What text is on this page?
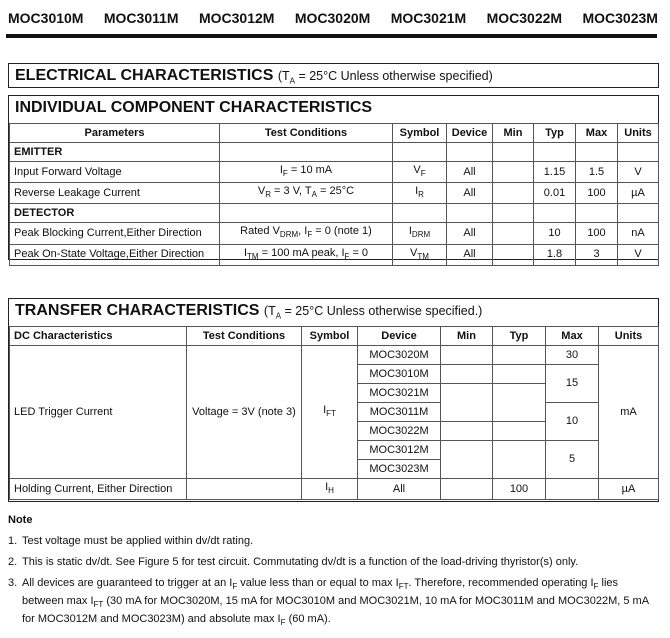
MOC3010M MOC3011M MOC3012M MOC3020M MOC3021M MOC3022M MOC3023M
ELECTRICAL CHARACTERISTICS ($T_A = 25^\circ C$ Unless otherwise specified)
INDIVIDUAL COMPONENT CHARACTERISTICS
Parameters	Test Conditions	Symbol	Device	Min	Typ	Max	Units
EMITTER							
Input Forward Voltage	$I_F = 10$ mA	$V_F$	All		1.15	1.5	V
Reverse Leakage Current	$V_R = 3$ V, $T_A = 25^\circ C$	$I_R$	All		0.01	100	µA
DETECTOR							
Peak Blocking Current,Either Direction	Rated $V_{DRM}$, $I_F = 0$ (note 1)	$I_{DRM}$	All		10	100	nA
Peak On-State Voltage,Either Direction	$I_{TM} = 100$ mA peak, $I_F = 0$	$V_{TM}$	All		1.8	3	V
TRANSFER CHARACTERISTICS ($T_A = 25^\circ C$ Unless otherwise specified.)
DC Characteristics	Test Conditions	Symbol	Device	Min	Typ	Max	Units
LED Trigger Current	Voltage = 3V (note 3)	$I_{FT}$	MOC3020M			30	mA
			MOC3010M			15	
			MOC3021M				
			MOC3011M			10	
			MOC3022M				
			MOC3012M			5	
			MOC3023M				
Holding Current, Either Direction		$I_H$	All		100		µA
Note
1. Test voltage must be applied within dv/dt rating.
2. This is static dv/dt. See Figure 5 for test circuit. Commutating dv/dt is a function of the load-driving thyristor(s) only.
3. All devices are guaranteed to trigger at an $I_F$ value less than or equal to $\max I_{FT}$. Therefore, recommended operating $I_F$ lies between $\max I_{FT}$ (30 mA for MOC3020M, 15 mA for MOC3010M and MOC3021M, 10 mA for MOC3011M and MOC3022M, 5 mA for MOC3012M and MOC3023M) and absolute $\max I_F$ (60 mA).
